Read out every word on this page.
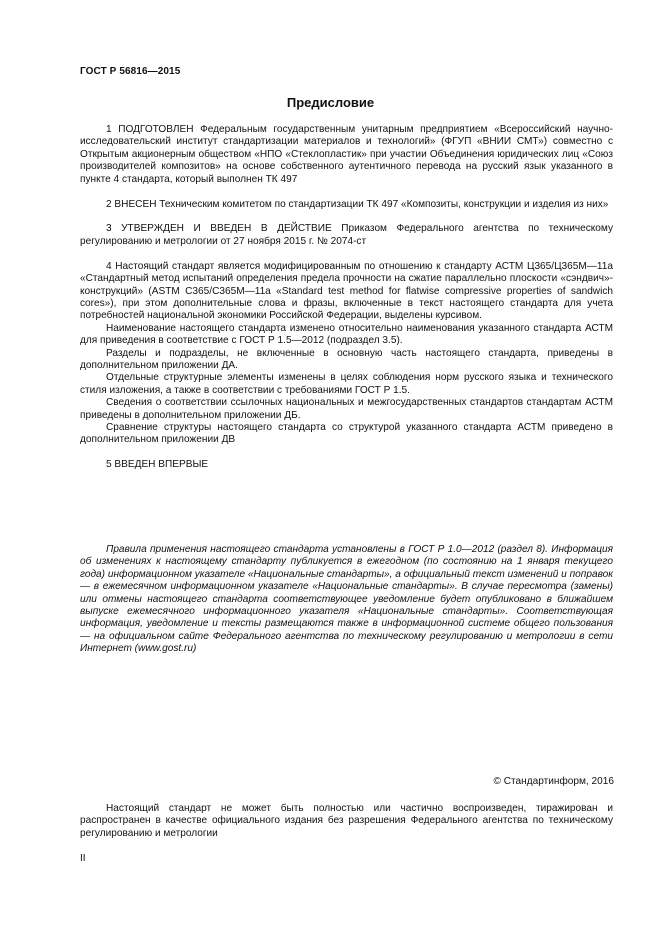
ГОСТ Р 56816—2015
Предисловие

1 ПОДГОТОВЛЕН Федеральным государственным унитарным предприятием «Всероссийский научно-исследовательский институт стандартизации материалов и технологий» (ФГУП «ВНИИ СМТ») совместно с Открытым акционерным обществом «НПО «Стеклопластик» при участии Объединения юридических лиц «Союз производителей композитов» на основе собственного аутентичного перевода на русский язык указанного в пункте 4 стандарта, который выполнен ТК 497

2 ВНЕСЕН Техническим комитетом по стандартизации ТК 497 «Композиты, конструкции и изделия из них»

3 УТВЕРЖДЕН И ВВЕДЕН В ДЕЙСТВИЕ Приказом Федерального агентства по техническому регулированию и метрологии от 27 ноября 2015 г. № 2074-ст

4 Настоящий стандарт является модифицированным по отношению к стандарту АСТМ Ц365/Ц365М—11а «Стандартный метод испытаний определения предела прочности на сжатие параллельно плоскости «сэндвич»-конструкций» (ASTM C365/C365M—11a «Standard test method for flatwise compressive properties of sandwich cores»), при этом дополнительные слова и фразы, включенные в текст настоящего стандарта для учета потребностей национальной экономики Российской Федерации, выделены курсивом.

Наименование настоящего стандарта изменено относительно наименования указанного стандарта АСТМ для приведения в соответствие с ГОСТ Р 1.5—2012 (подраздел 3.5).

Разделы и подразделы, не включенные в основную часть настоящего стандарта, приведены в дополнительном приложении ДА.

Отдельные структурные элементы изменены в целях соблюдения норм русского языка и технического стиля изложения, а также в соответствии с требованиями ГОСТ Р 1.5.

Сведения о соответствии ссылочных национальных и межгосударственных стандартов стандартам АСТМ приведены в дополнительном приложении ДБ.

Сравнение структуры настоящего стандарта со структурой указанного стандарта АСТМ приведено в дополнительном приложении ДВ

5 ВВЕДЕН ВПЕРВЫЕ

Правила применения настоящего стандарта установлены в ГОСТ Р 1.0—2012 (раздел 8). Информация об изменениях к настоящему стандарту публикуется в ежегодном (по состоянию на 1 января текущего года) информационном указателе «Национальные стандарты», а официальный текст изменений и поправок — в ежемесячном информационном указателе «Национальные стандарты». В случае пересмотра (замены) или отмены настоящего стандарта соответствующее уведомление будет опубликовано в ближайшем выпуске ежемесячного информационного указателя «Национальные стандарты». Соответствующая информация, уведомление и тексты размещаются также в информационной системе общего пользования — на официальном сайте Федерального агентства по техническому регулированию и метрологии в сети Интернет (www.gost.ru)

© Стандартинформ, 2016

Настоящий стандарт не может быть полностью или частично воспроизведен, тиражирован и распространен в качестве официального издания без разрешения Федерального агентства по техническому регулированию и метрологии

II
